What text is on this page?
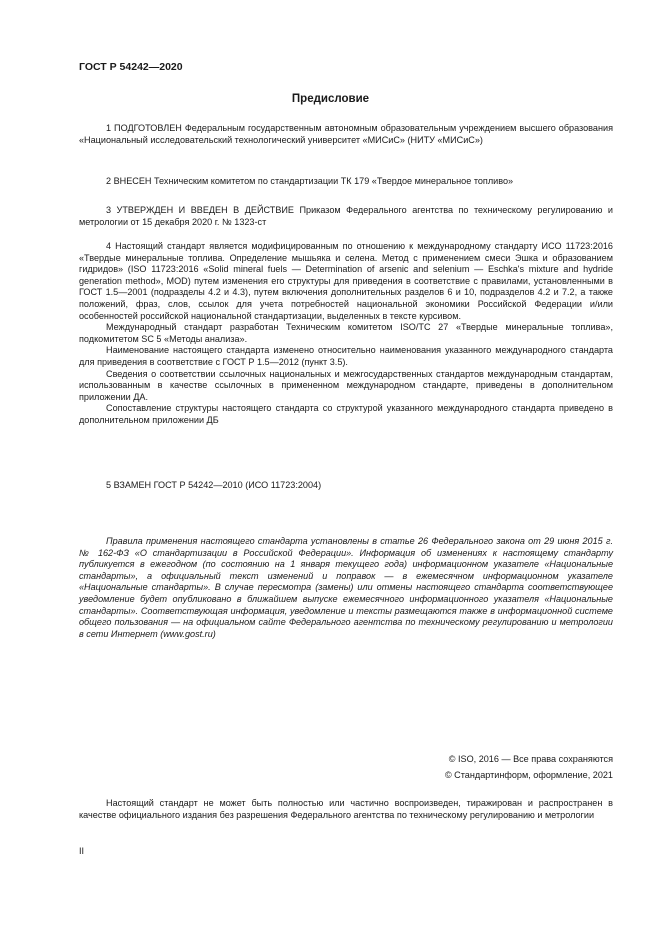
ГОСТ Р 54242—2020
Предисловие

1 ПОДГОТОВЛЕН Федеральным государственным автономным образовательным учреждением высшего образования «Национальный исследовательский технологический университет «МИСиС» (НИТУ «МИСиС»)

2 ВНЕСЕН Техническим комитетом по стандартизации ТК 179 «Твердое минеральное топливо»

3 УТВЕРЖДЕН И ВВЕДЕН В ДЕЙСТВИЕ Приказом Федерального агентства по техническому регулированию и метрологии от 15 декабря 2020 г. № 1323-ст

4 Настоящий стандарт является модифицированным по отношению к международному стандарту ИСО 11723:2016 «Твердые минеральные топлива. Определение мышьяка и селена. Метод с применением смеси Эшка и образованием гидридов» (ISO 11723:2016 «Solid mineral fuels — Determination of arsenic and selenium — Eschka's mixture and hydride generation method», MOD) путем изменения его структуры для приведения в соответствие с правилами, установленными в ГОСТ 1.5—2001 (подразделы 4.2 и 4.3), путем включения дополнительных разделов 6 и 10, подразделов 4.2 и 7.2, а также положений, фраз, слов, ссылок для учета потребностей национальной экономики Российской Федерации и/или особенностей российской национальной стандартизации, выделенных в тексте курсивом.

Международный стандарт разработан Техническим комитетом ISO/TC 27 «Твердые минеральные топлива», подкомитетом SC 5 «Методы анализа».

Наименование настоящего стандарта изменено относительно наименования указанного международного стандарта для приведения в соответствие с ГОСТ Р 1.5—2012 (пункт 3.5).

Сведения о соответствии ссылочных национальных и межгосударственных стандартов международным стандартам, использованным в качестве ссылочных в примененном международном стандарте, приведены в дополнительном приложении ДА.

Сопоставление структуры настоящего стандарта со структурой указанного международного стандарта приведено в дополнительном приложении ДБ

5 ВЗАМЕН ГОСТ Р 54242—2010 (ИСО 11723:2004)

Правила применения настоящего стандарта установлены в статье 26 Федерального закона от 29 июня 2015 г. № 162-ФЗ «О стандартизации в Российской Федерации». Информация об изменениях к настоящему стандарту публикуется в ежегодном (по состоянию на 1 января текущего года) информационном указателе «Национальные стандарты», а официальный текст изменений и поправок — в ежемесячном информационном указателе «Национальные стандарты». В случае пересмотра (замены) или отмены настоящего стандарта соответствующее уведомление будет опубликовано в ближайшем выпуске ежемесячного информационного указателя «Национальные стандарты». Соответствующая информация, уведомление и тексты размещаются также в информационной системе общего пользования — на официальном сайте Федерального агентства по техническому регулированию и метрологии в сети Интернет (www.gost.ru)

© ISO, 2016 — Все права сохраняются
© Стандартинформ, оформление, 2021

Настоящий стандарт не может быть полностью или частично воспроизведен, тиражирован и распространен в качестве официального издания без разрешения Федерального агентства по техническому регулированию и метрологии

II
